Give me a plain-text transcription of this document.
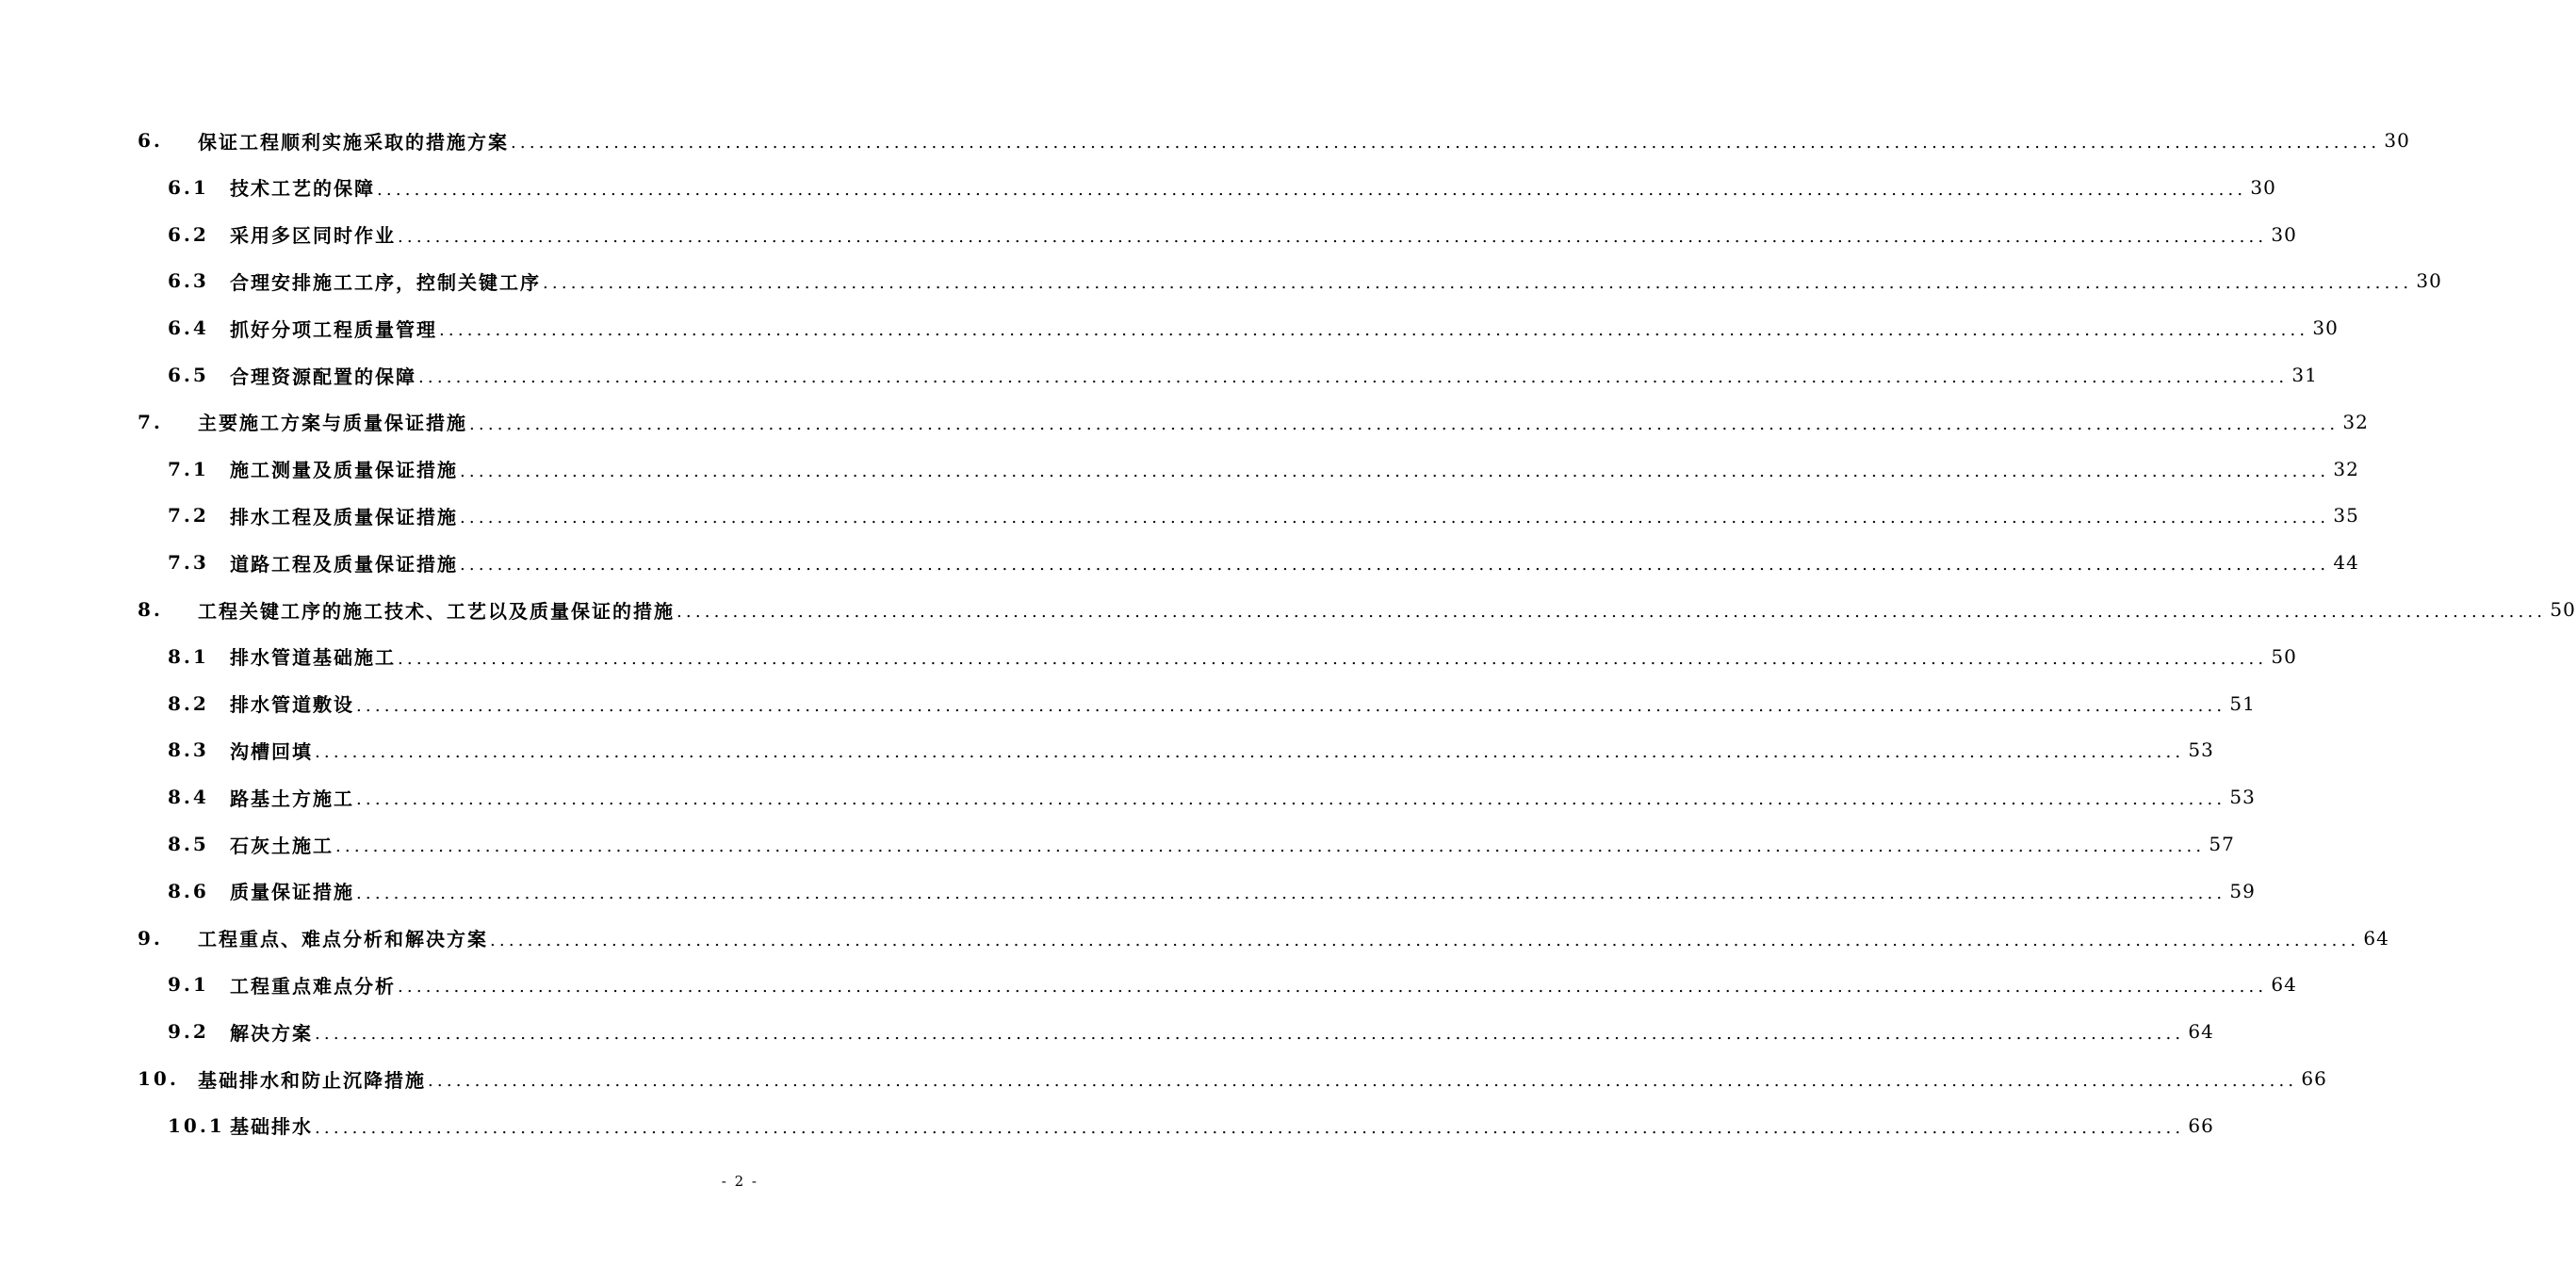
6.	保证工程顺利实施采取的措施方案 ........................................................................................................................................................................................................ 30
6.1	技术工艺的保障 ........................................................................................................................................................................................................ 30
6.2	采用多区同时作业 ........................................................................................................................................................................................................ 30
6.3	合理安排施工工序，控制关键工序 ........................................................................................................................................................................................................ 30
6.4	抓好分项工程质量管理 ........................................................................................................................................................................................................ 30
6.5	合理资源配置的保障 ........................................................................................................................................................................................................ 31
7.	主要施工方案与质量保证措施 ........................................................................................................................................................................................................ 32
7.1	施工测量及质量保证措施 ........................................................................................................................................................................................................ 32
7.2	排水工程及质量保证措施 ........................................................................................................................................................................................................ 35
7.3	道路工程及质量保证措施 ........................................................................................................................................................................................................ 44
8.	工程关键工序的施工技术、工艺以及质量保证的措施 ........................................................................................................................................................................................................ 50
8.1	排水管道基础施工 ........................................................................................................................................................................................................ 50
8.2	排水管道敷设 ........................................................................................................................................................................................................ 51
8.3	沟槽回填 ........................................................................................................................................................................................................ 53
8.4	路基土方施工 ........................................................................................................................................................................................................ 53
8.5	石灰土施工 ........................................................................................................................................................................................................ 57
8.6	质量保证措施 ........................................................................................................................................................................................................ 59
9.	工程重点、难点分析和解决方案 ........................................................................................................................................................................................................ 64
9.1	工程重点难点分析 ........................................................................................................................................................................................................ 64
9.2	解决方案 ........................................................................................................................................................................................................ 64
10.	基础排水和防止沉降措施 ........................................................................................................................................................................................................ 66
10.1 基础排水 ........................................................................................................................................................................................................ 66
- 2 -
